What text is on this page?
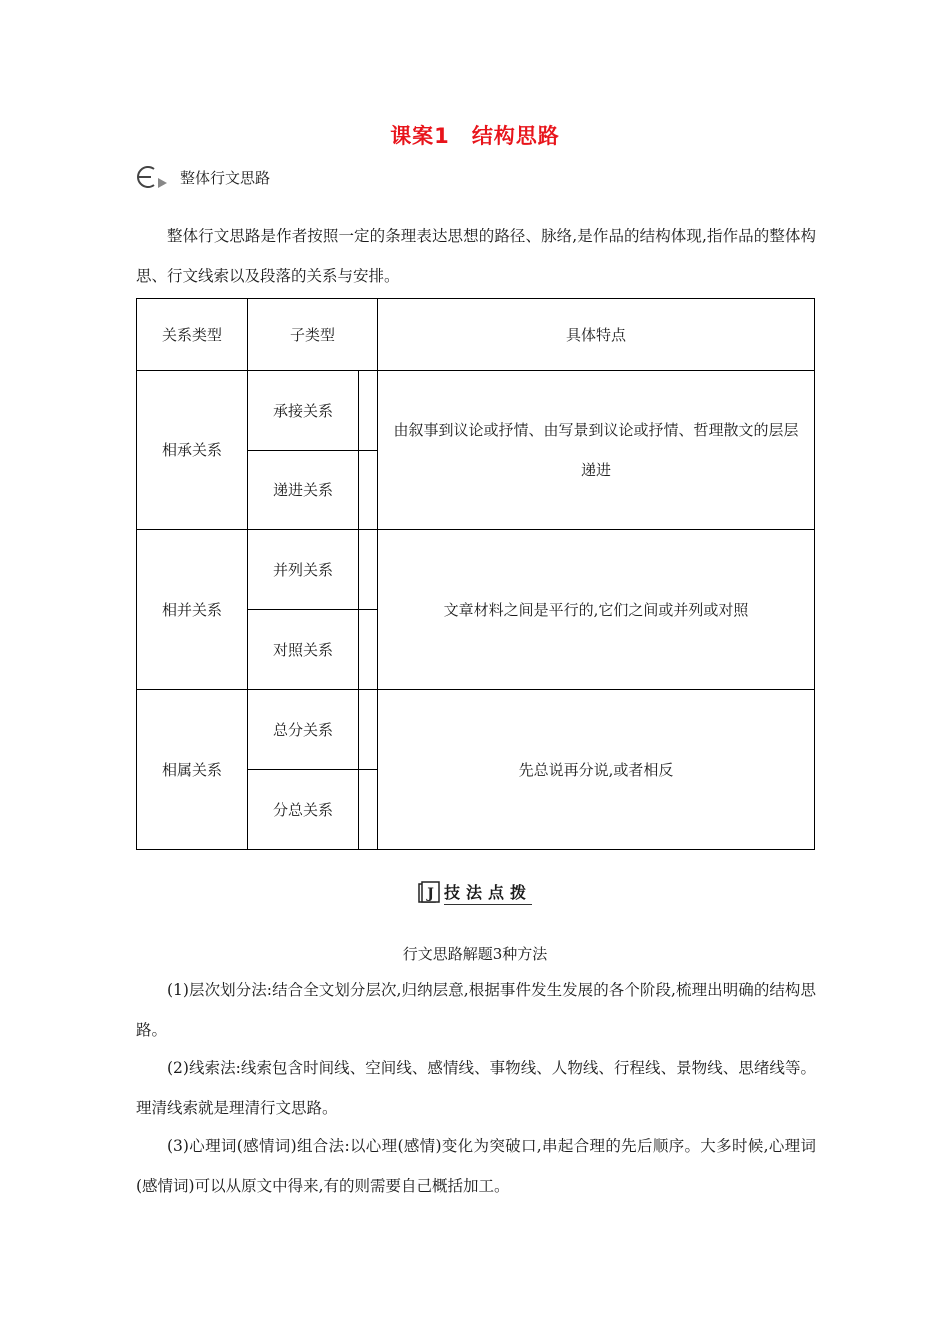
课案1 结构思路
整体行文思路
整体行文思路是作者按照一定的条理表达思想的路径、脉络,是作品的结构体现,指作品的整体构思、行文线索以及段落的关系与安排。
关系类型	子类型		具体特点
相承关系	承接关系		由叙事到议论或抒情、由写景到议论或抒情、哲理散文的层层递进
	递进关系		
相并关系	并列关系		文章材料之间是平行的,它们之间或并列或对照
	对照关系		
相属关系	总分关系		先总说再分说,或者相反
	分总关系		
J 技法点拨
行文思路解题3种方法
(1)层次划分法:结合全文划分层次,归纳层意,根据事件发生发展的各个阶段,梳理出明确的结构思路。
(2)线索法:线索包含时间线、空间线、感情线、事物线、人物线、行程线、景物线、思绪线等。理清线索就是理清行文思路。
(3)心理词(感情词)组合法:以心理(感情)变化为突破口,串起合理的先后顺序。大多时候,心理词(感情词)可以从原文中得来,有的则需要自己概括加工。
